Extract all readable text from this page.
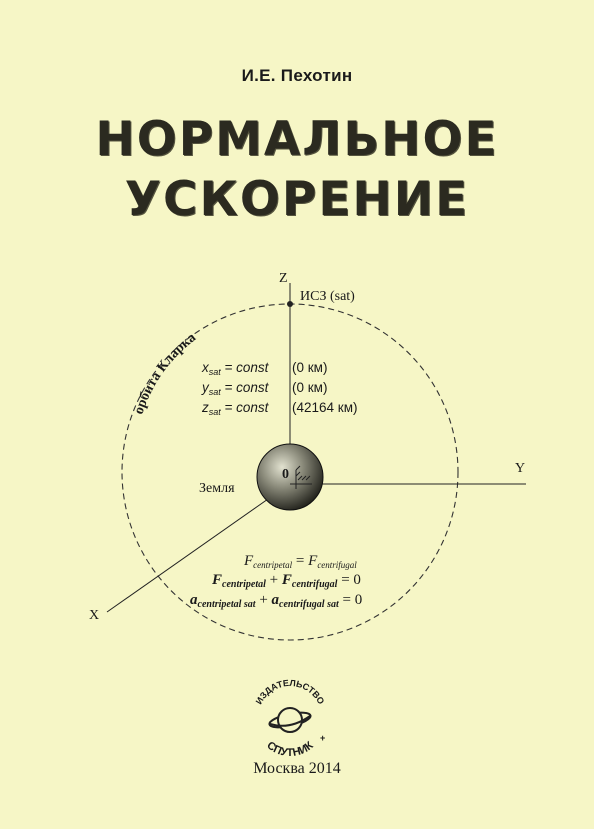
И.Е. Пехотин
НОРМАЛЬНОЕ
УСКОРЕНИЕ
Z
Y
X
ИСЗ (sat)
орбита Кларка
$x_{sat}$ = const (0 км)
$y_{sat}$ = const (0 км)
$z_{sat}$ = const (42164 км)
0
Земля
$F_{centripetal} = F_{centrifugal}$
$F_{centripetal} + F_{centrifugal} = 0$
$a_{centripetal sat} + a_{centrifugal sat} = 0$
ИЗДАТЕЛЬСТВО
СПУТНИК
+
Москва 2014
